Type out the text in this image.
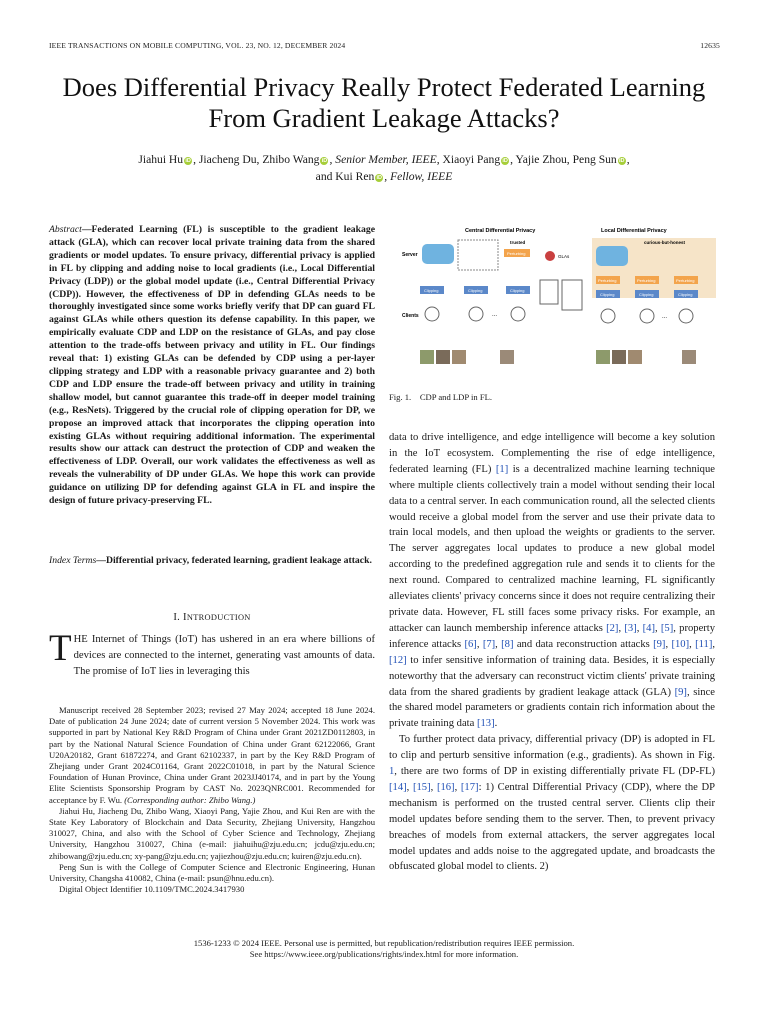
IEEE TRANSACTIONS ON MOBILE COMPUTING, VOL. 23, NO. 12, DECEMBER 2024	12635
Does Differential Privacy Really Protect Federated Learning From Gradient Leakage Attacks?
Jiahui Hu iD , Jiacheng Du, Zhibo Wang iD , Senior Member, IEEE, Xiaoyi Pang iD , Yajie Zhou, Peng Sun iD ,
and Kui Ren iD , Fellow, IEEE
Abstract—Federated Learning (FL) is susceptible to the gradient leakage attack (GLA), which can recover local private training data from the shared gradients or model updates. To ensure privacy, differential privacy is applied in FL by clipping and adding noise to local gradients (i.e., Local Differential Privacy (LDP)) or the global model update (i.e., Central Differential Privacy (CDP)). However, the effectiveness of DP in defending GLAs needs to be thoroughly investigated since some works briefly verify that DP can guard FL against GLAs while others question its defense capability. In this paper, we empirically evaluate CDP and LDP on the resistance of GLAs, and pay close attention to the trade-offs between privacy and utility in FL. Our findings reveal that: 1) existing GLAs can be defended by CDP using a per-layer clipping strategy and LDP with a reasonable privacy guarantee and 2) both CDP and LDP ensure the trade-off between privacy and utility in training shallow model, but cannot guarantee this trade-off in deeper model training (e.g., ResNets). Triggered by the crucial role of clipping operation for DP, we propose an improved attack that incorporates the clipping operation into existing GLAs without requiring additional information. The experimental results show our attack can destruct the protection of CDP and weaken the effectiveness of LDP. Overall, our work validates the effectiveness as well as reveals the vulnerability of DP under GLAs. We hope this work can provide guidance on utilizing DP for defending against GLA in FL and inspire the design of future privacy-preserving FL.
Index Terms—Differential privacy, federated learning, gradient leakage attack.
I. INTRODUCTION
THE Internet of Things (IoT) has ushered in an era where billions of devices are connected to the internet, generating vast amounts of data. The promise of IoT lies in leveraging this

Manuscript received 28 September 2023; revised 27 May 2024; accepted 18 June 2024. Date of publication 24 June 2024; date of current version 5 November 2024. This work was supported in part by National Key R&D Program of China under Grant 2021ZD0112803, in part by the National Natural Science Foundation of China under Grant 62122066, Grant U20A20182, Grant 61872274, and Grant 62102337, in part by the Key R&D Program of Zhejiang under Grant 2024C01164, Grant 2022C01018, in part by the Natural Science Foundation of Hunan Province, China under Grant 2023JJ40174, and in part by the Young Elite Scientists Sponsorship Program by CAST No. 2023QNRC001. Recommended for acceptance by F. Wu. (Corresponding author: Zhibo Wang.)

Jiahui Hu, Jiacheng Du, Zhibo Wang, Xiaoyi Pang, Yajie Zhou, and Kui Ren are with the State Key Laboratory of Blockchain and Data Security, Zhejiang University, Hangzhou 310027, China, and also with the School of Cyber Science and Technology, Zhejiang University, Hangzhou 310027, China (e-mail: jiahuihu@zju.edu.cn; jcdu@zju.edu.cn; zhibowang@zju.edu.cn; xy-pang@zju.edu.cn; yajiezhou@zju.edu.cn; kuiren@zju.edu.cn).

Peng Sun is with the College of Computer Science and Electronic Engineering, Hunan University, Changsha 410082, China (e-mail: psun@hnu.edu.cn).

Digital Object Identifier 10.1109/TMC.2024.3417930

Central Differential Privacy
Server
Clients
trusted
Perturbing
Clipping	Clipping	Clipping
...
GLAs
Local Differential Privacy
curious-but-honest
Perturbing	Perturbing	Perturbing
Clipping	Clipping	Clipping
...
Fig. 1. CDP and LDP in FL.

data to drive intelligence, and edge intelligence will become a key solution in the IoT ecosystem. Complementing the rise of edge intelligence, federated learning (FL) [1] is a decentralized machine learning technique where multiple clients collectively train a model without sending their local data to a central server. In each communication round, all the selected clients would receive a global model from the server and use their private data to train local models, and then upload the weights or gradients to the server. The server aggregates local updates to produce a new global model according to the predefined aggregation rule and sends it to clients for the next round. Compared to centralized machine learning, FL significantly alleviates clients' privacy concerns since it does not require centralizing their private data. However, FL still faces some privacy risks. For example, an attacker can launch membership inference attacks [2], [3], [4], [5], property inference attacks [6], [7], [8] and data reconstruction attacks [9], [10], [11], [12] to infer sensitive information of training data. Besides, it is especially noteworthy that the adversary can reconstruct victim clients' private training data from the shared gradients by gradient leakage attack (GLA) [9], since the shared model parameters or gradients contain rich information about the private training data [13].

To further protect data privacy, differential privacy (DP) is adopted in FL to clip and perturb sensitive information (e.g., gradients). As shown in Fig. 1, there are two forms of DP in existing differentially private FL (DP-FL) [14], [15], [16], [17]: 1) Central Differential Privacy (CDP), where the DP mechanism is performed on the trusted central server. Clients clip their model updates before sending them to the server. Then, to prevent privacy breaches of models from external attackers, the server aggregates local model updates and adds noise to the aggregated update, and broadcasts the obfuscated global model to clients. 2)

1536-1233 © 2024 IEEE. Personal use is permitted, but republication/redistribution requires IEEE permission.
See https://www.ieee.org/publications/rights/index.html for more information.
